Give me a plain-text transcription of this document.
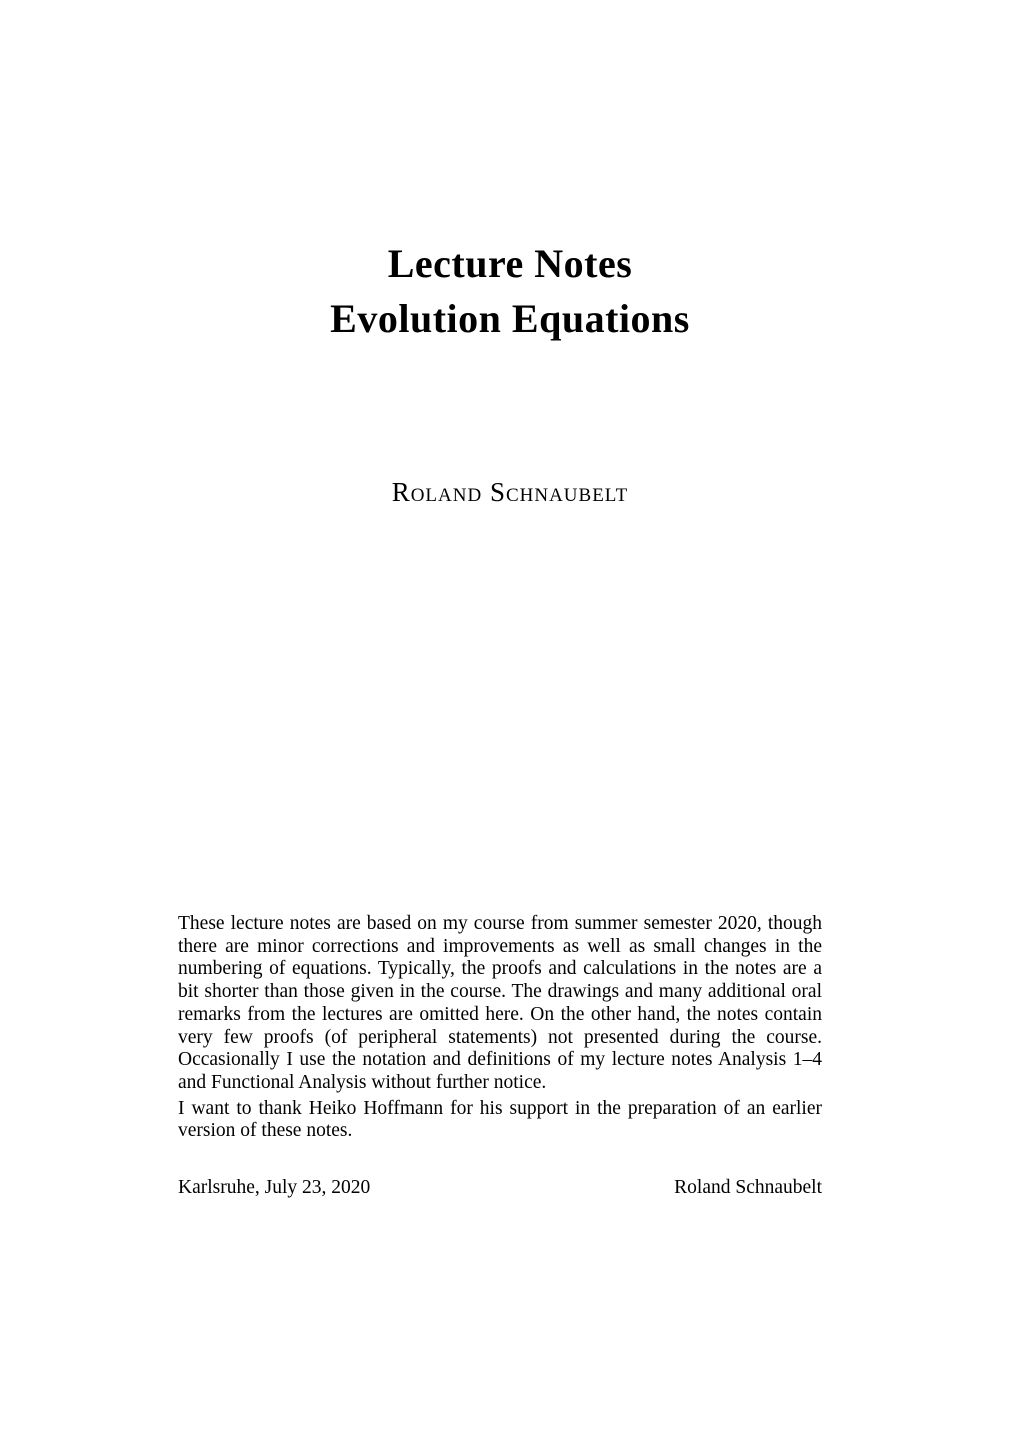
Lecture Notes
Evolution Equations
Roland Schnaubelt

These lecture notes are based on my course from summer semester 2020, though there are minor corrections and improvements as well as small changes in the numbering of equations. Typically, the proofs and calculations in the notes are a bit shorter than those given in the course. The drawings and many additional oral remarks from the lectures are omitted here. On the other hand, the notes contain very few proofs (of peripheral statements) not presented during the course. Occasionally I use the notation and definitions of my lecture notes Analysis 1–4 and Functional Analysis without further notice.

I want to thank Heiko Hoffmann for his support in the preparation of an earlier version of these notes.

Karlsruhe, July 23, 2020	Roland Schnaubelt
